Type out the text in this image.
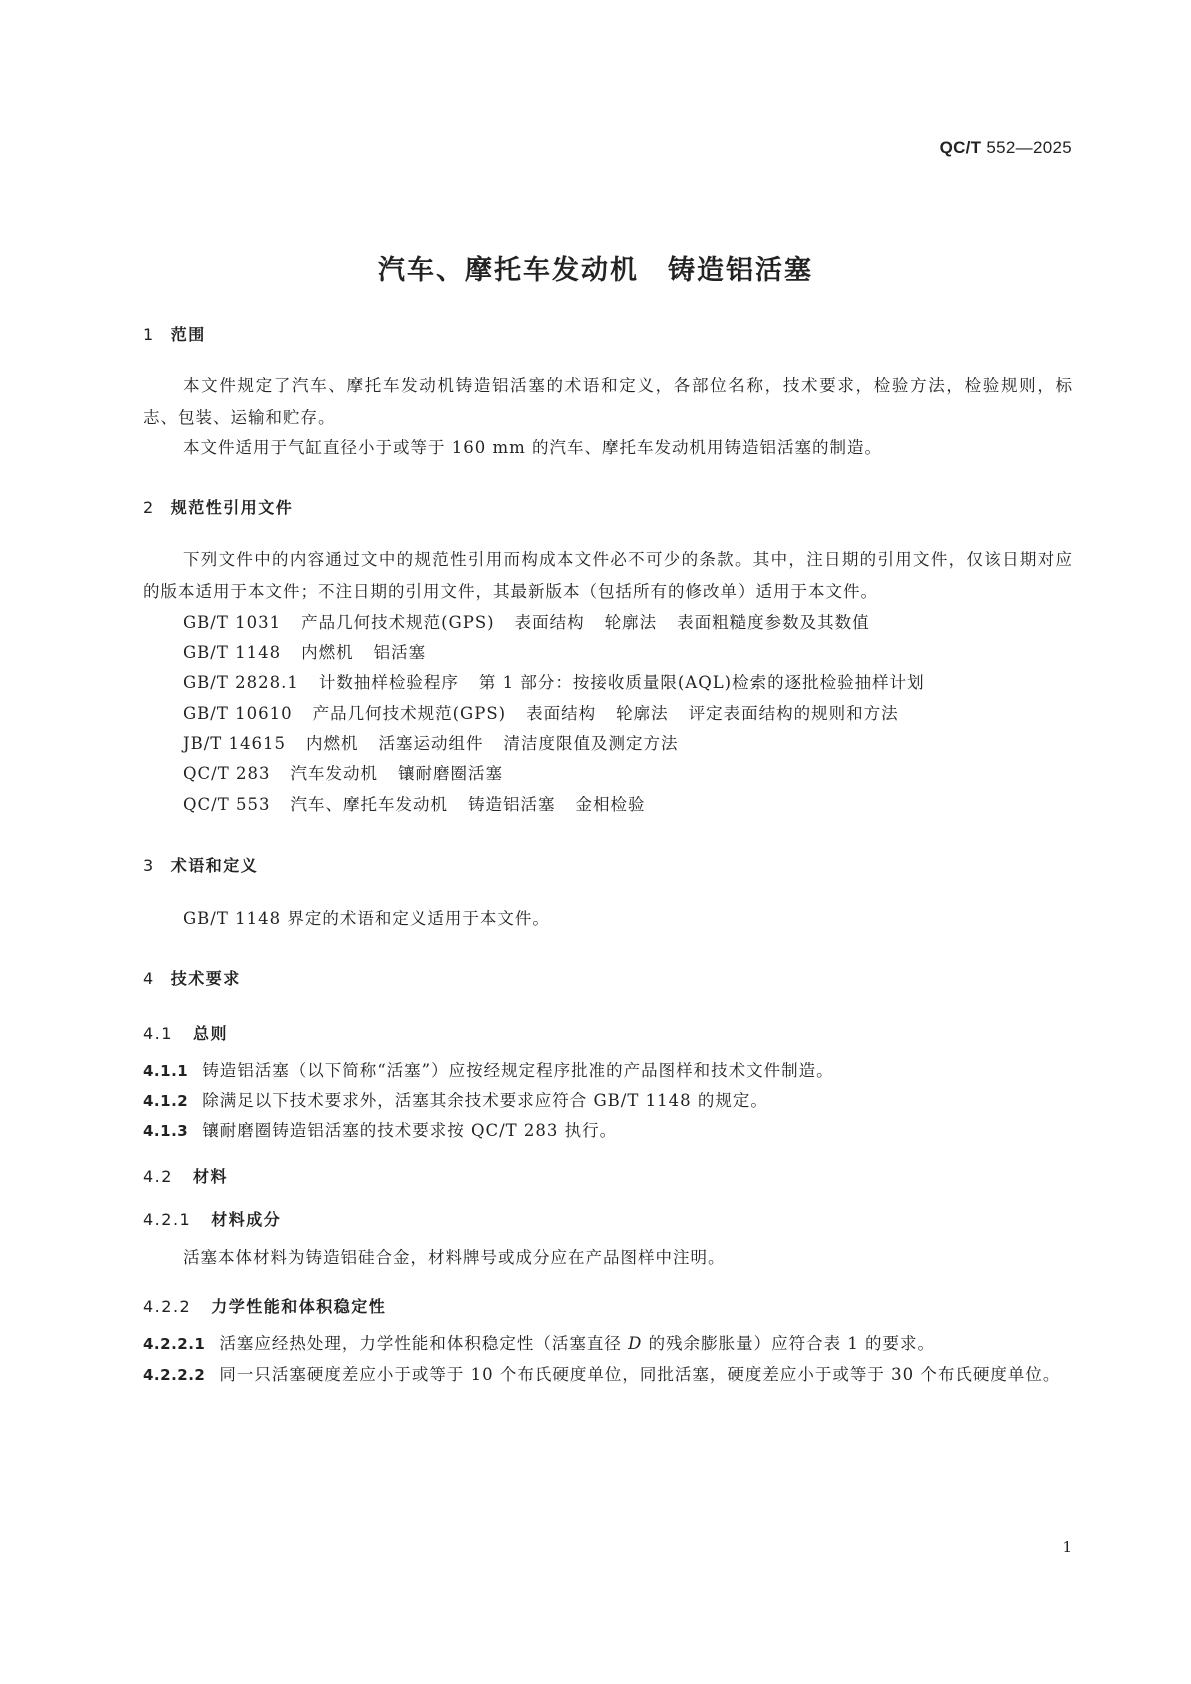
QC/T 552—2025
汽车、摩托车发动机　铸造铝活塞
1 范围
本文件规定了汽车、摩托车发动机铸造铝活塞的术语和定义，各部位名称，技术要求，检验方法，检验规则，标志、包装、运输和贮存。
本文件适用于气缸直径小于或等于 160 mm 的汽车、摩托车发动机用铸造铝活塞的制造。
2 规范性引用文件
下列文件中的内容通过文中的规范性引用而构成本文件必不可少的条款。其中，注日期的引用文件，仅该日期对应的版本适用于本文件；不注日期的引用文件，其最新版本（包括所有的修改单）适用于本文件。
GB/T 1031 产品几何技术规范(GPS) 表面结构 轮廓法 表面粗糙度参数及其数值
GB/T 1148 内燃机 铝活塞
GB/T 2828.1 计数抽样检验程序 第 1 部分：按接收质量限(AQL)检索的逐批检验抽样计划
GB/T 10610 产品几何技术规范(GPS) 表面结构 轮廓法 评定表面结构的规则和方法
JB/T 14615 内燃机 活塞运动组件 清洁度限值及测定方法
QC/T 283 汽车发动机 镶耐磨圈活塞
QC/T 553 汽车、摩托车发动机 铸造铝活塞 金相检验
3 术语和定义
GB/T 1148 界定的术语和定义适用于本文件。
4 技术要求
4.1 总则
4.1.1 铸造铝活塞（以下简称“活塞”）应按经规定程序批准的产品图样和技术文件制造。
4.1.2 除满足以下技术要求外，活塞其余技术要求应符合 GB/T 1148 的规定。
4.1.3 镶耐磨圈铸造铝活塞的技术要求按 QC/T 283 执行。
4.2 材料
4.2.1 材料成分
活塞本体材料为铸造铝硅合金，材料牌号或成分应在产品图样中注明。
4.2.2 力学性能和体积稳定性
4.2.2.1 活塞应经热处理，力学性能和体积稳定性（活塞直径 D 的残余膨胀量）应符合表 1 的要求。
4.2.2.2 同一只活塞硬度差应小于或等于 10 个布氏硬度单位，同批活塞，硬度差应小于或等于 30 个布氏硬度单位。
1
